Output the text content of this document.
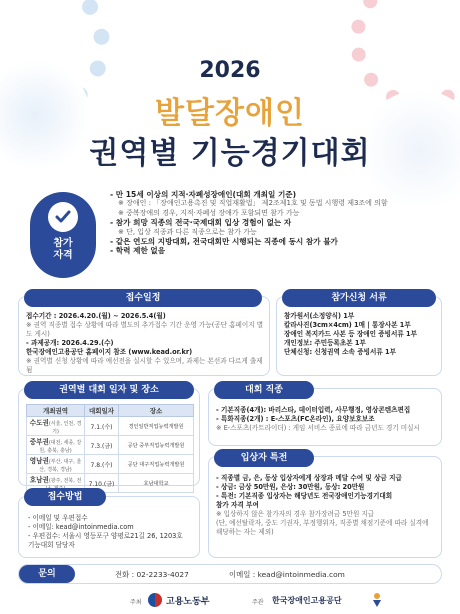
2026
발달장애인
권역별 기능경기대회
참가
자격
- 만 15세 이상의 지적·자폐성장애인(대회 개최일 기준)
※ 장애인 : 「장애인고용촉진 및 직업재활법」 제2조제1호 및 동법 시행령 제3조에 의함
※ 중복장애의 경우, 지적·자폐성 장애가 포함되면 참가 가능
- 참가 희망 직종의 전국·국제대회 입상 경험이 없는 자
※ 단, 입상 직종과 다른 직종으로는 참가 가능
- 같은 연도의 지방대회, 전국대회만 시행되는 직종에 동시 참가 불가
- 학력 제한 없음
접수일정
접수기간 : 2026.4.20.(월) ~ 2026.5.4(월)
※ 권역 직종별 접수 상황에 따라 별도의 추가접수 기간 운영 가능(공단 홈페이지 별도 게시)
- 과제공개: 2026.4.29.(수)
한국장애인고용공단 홈페이지 참조 (www.kead.or.kr)
※ 권역별 신청 상황에 따라 예선전을 실시할 수 있으며, 과제는 본선과 다르게 출제됨
참가신청 서류
참가원서(소정양식) 1부
칼라사진(3cm×4cm) 1매 | 통장사본 1부
장애인 복지카드 사본 등 장애인 증빙서류 1부
개인정보: 주민등록초본 1부
단체신청: 신청권역 소속 증빙서류 1부
권역별 대회 일자 및 장소
개최권역	대회일자	장소
수도권(서울, 인천, 경기)	7.1.(수)	경인일반직업능력개발원
중부권(대전, 세종, 강원, 충북, 충남)	7.3.(금)	공단 중부직업능력개발원
영남권(부산, 대구, 울산, 경북, 경남)	7.8.(수)	공단 대구직업능력개발원
호남권(광주, 전북, 전	7.10.(금)	호남대학교
대회 직종
- 기본직종(4개): 바리스타, 데이터입력, 사무행정, 영상콘텐츠편집
- 특화직종(2개) : E-스포츠(FC온라인), 요양보호보조
※ E-스포츠(카트라이더) : 게임 서비스 종료에 따라 금년도 경기 미실시
접수방법
- 이메일 및 우편접수
- 이메일: kead@intoinmedia.com
- 우편접수: 서울시 영등포구 양평로21길 26, 1203호
기능대회 담당자
입상자 특전
- 직종별 금, 은, 동상 입상자에게 상장과 메달 수여 및 상금 지급
- 상금: 금상 50만원, 은상: 30만원, 동상: 20만원
- 특전: 기본직종 입상자는 해당년도 전국장애인기능경기대회
참가 자격 부여
※ 입상하지 않은 참가자의 경우 참가장려금 5만원 지급
(단, 예선탈락자, 중도 기권자, 부정행위자, 직종별 채점기준에 따라 실격에
해당하는 자는 제외)
문의	전화 : 02-2233-4027	이메일 : kead@intoinmedia.com
주최	고용노동부	주관 한국장애인고용공단
